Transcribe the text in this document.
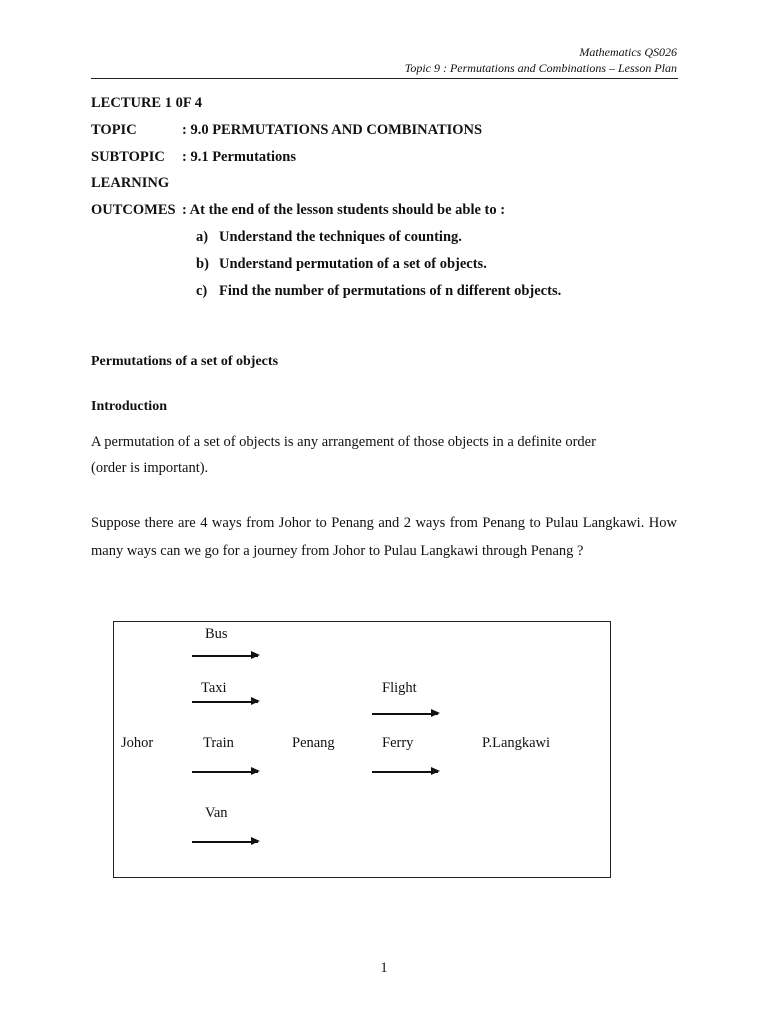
Mathematics QS026
Topic 9 : Permutations and Combinations – Lesson Plan
LECTURE 1 0F 4
TOPIC	: 9.0 PERMUTATIONS AND COMBINATIONS
SUBTOPIC : 9.1 Permutations
LEARNING
OUTCOMES : At the end of the lesson students should be able to :
a) Understand the techniques of counting.
b) Understand permutation of a set of objects.
c) Find the number of permutations of n different objects.
Permutations of a set of objects
Introduction
A permutation of a set of objects is any arrangement of those objects in a definite order (order is important).
Suppose there are 4 ways from Johor to Penang and 2 ways from Penang to Pulau Langkawi. How many ways can we go for a journey from Johor to Pulau Langkawi through Penang ?
Bus
Taxi	Flight
Johor	Train	Penang	Ferry	P.Langkawi
Van
1
